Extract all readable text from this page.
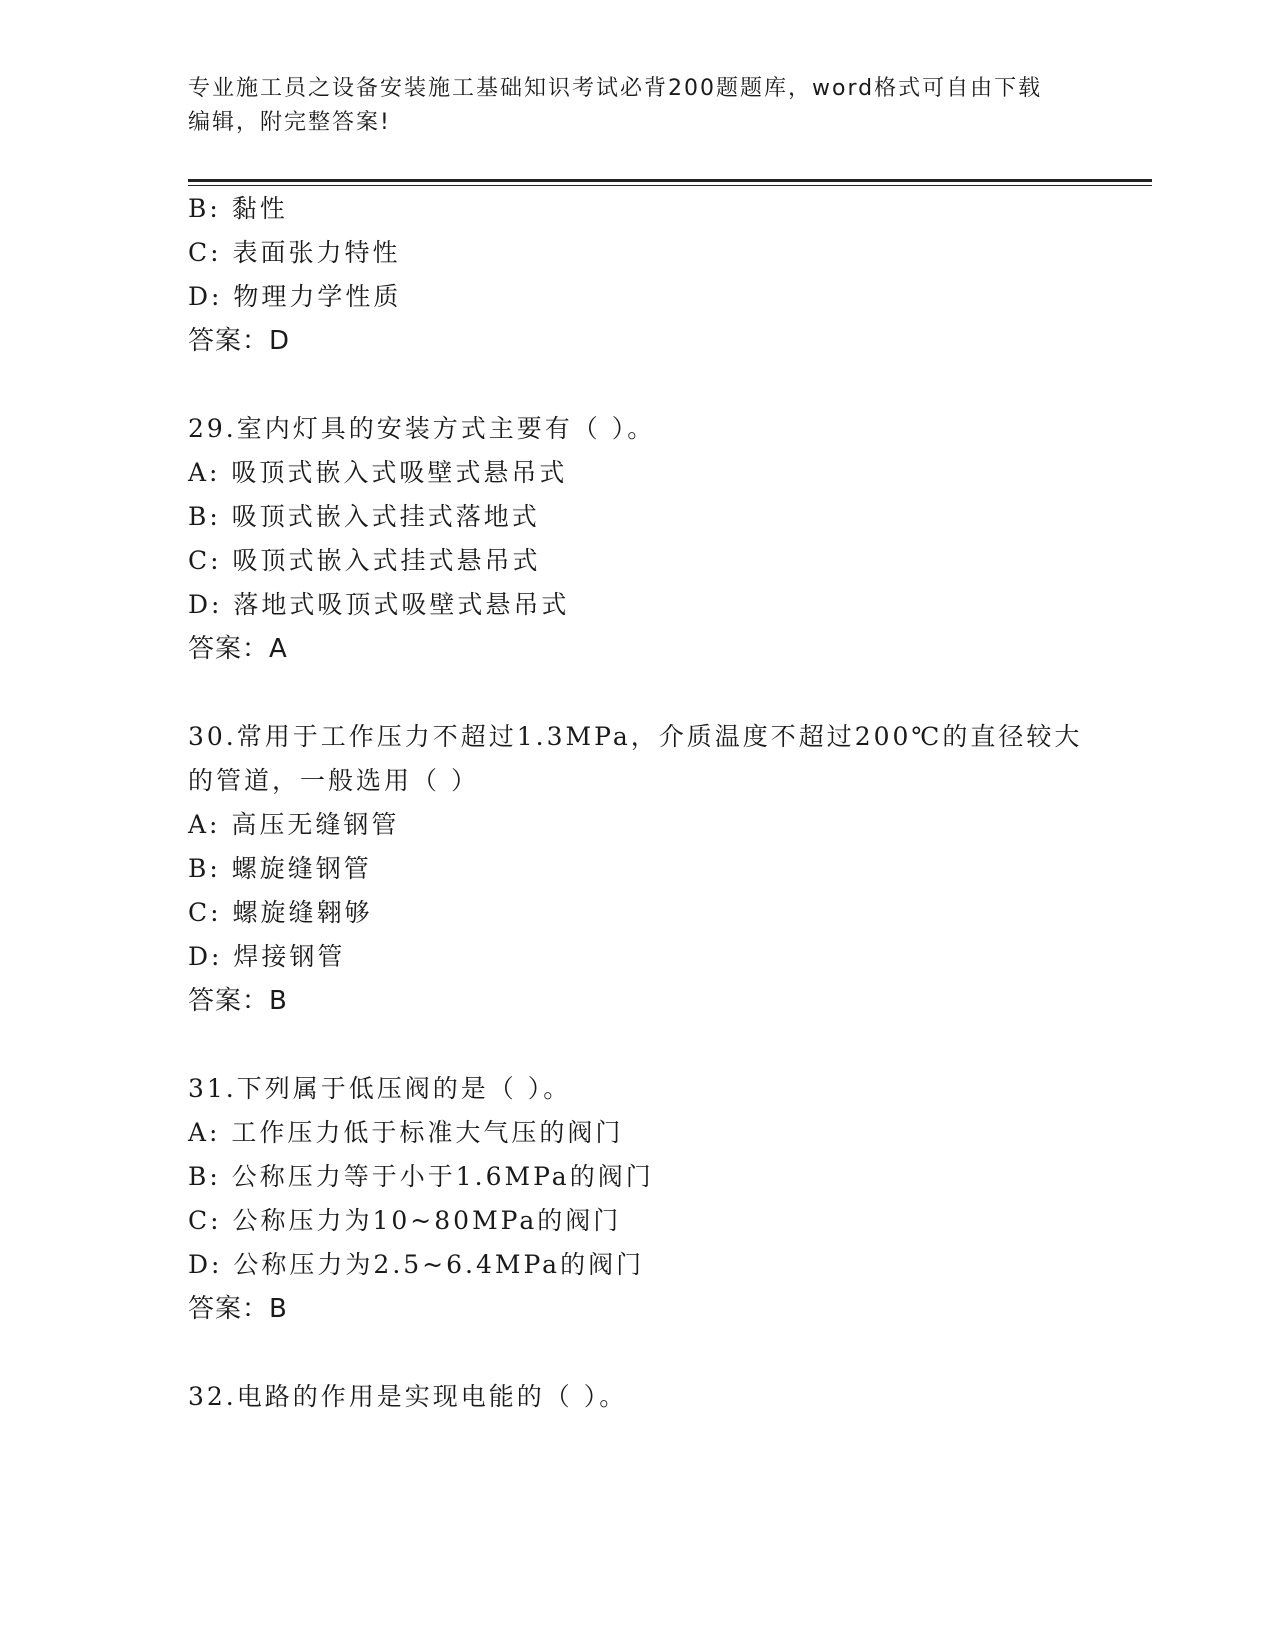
专业施工员之设备安装施工基础知识考试必背200题题库，word格式可自由下载
编辑，附完整答案!
B: 黏性
C: 表面张力特性
D: 物理力学性质
答案：D
29.室内灯具的安装方式主要有（ ）。
A: 吸顶式嵌入式吸壁式悬吊式
B: 吸顶式嵌入式挂式落地式
C: 吸顶式嵌入式挂式悬吊式
D: 落地式吸顶式吸壁式悬吊式
答案：A
30.常用于工作压力不超过1.3MPa，介质温度不超过200℃的直径较大
的管道，一般选用（ ）
A: 高压无缝钢管
B: 螺旋缝钢管
C: 螺旋缝翱够
D: 焊接钢管
答案：B
31.下列属于低压阀的是（ ）。
A: 工作压力低于标准大气压的阀门
B: 公称压力等于小于1.6MPa的阀门
C: 公称压力为10~80MPa的阀门
D: 公称压力为2.5~6.4MPa的阀门
答案：B
32.电路的作用是实现电能的（ ）。
